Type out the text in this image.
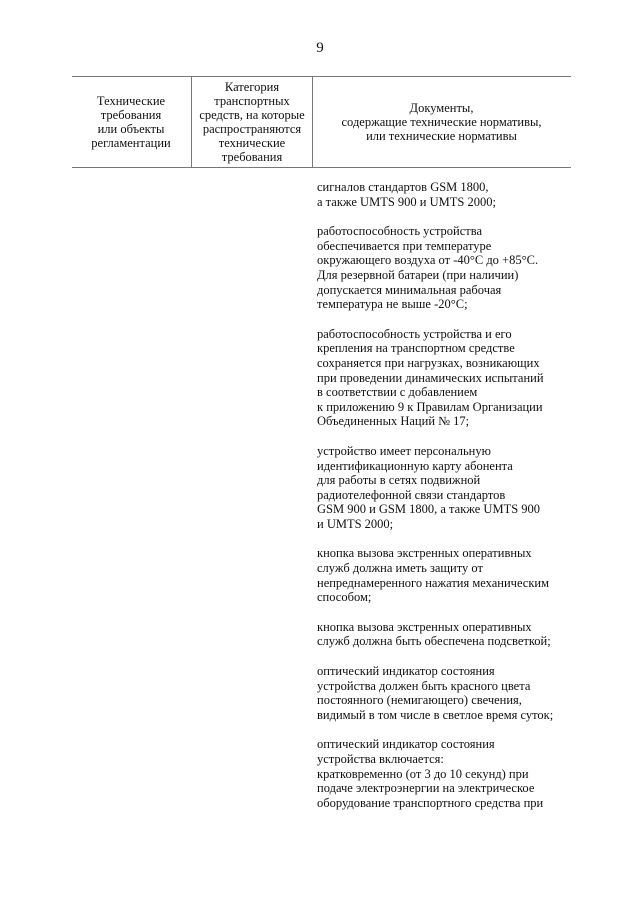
9
Технические
требования
или объекты
регламентации
Категория
транспортных
средств, на которые
распространяются
технические
требования
Документы,
содержащие технические нормативы,
или технические нормативы
сигналов стандартов GSM 1800,
а также UMTS 900 и UMTS 2000;
работоспособность устройства
обеспечивается при температуре
окружающего воздуха от -40°С до +85°С.
Для резервной батареи (при наличии)
допускается минимальная рабочая
температура не выше -20°С;
работоспособность устройства и его
крепления на транспортном средстве
сохраняется при нагрузках, возникающих
при проведении динамических испытаний
в соответствии с добавлением
к приложению 9 к Правилам Организации
Объединенных Наций № 17;
устройство имеет персональную
идентификационную карту абонента
для работы в сетях подвижной
радиотелефонной связи стандартов
GSM 900 и GSM 1800, а также UMTS 900
и UMTS 2000;
кнопка вызова экстренных оперативных
служб должна иметь защиту от
непреднамеренного нажатия механическим
способом;
кнопка вызова экстренных оперативных
служб должна быть обеспечена подсветкой;
оптический индикатор состояния
устройства должен быть красного цвета
постоянного (немигающего) свечения,
видимый в том числе в светлое время суток;
оптический индикатор состояния
устройства включается:
кратковременно (от 3 до 10 секунд) при
подаче электроэнергии на электрическое
оборудование транспортного средства при
